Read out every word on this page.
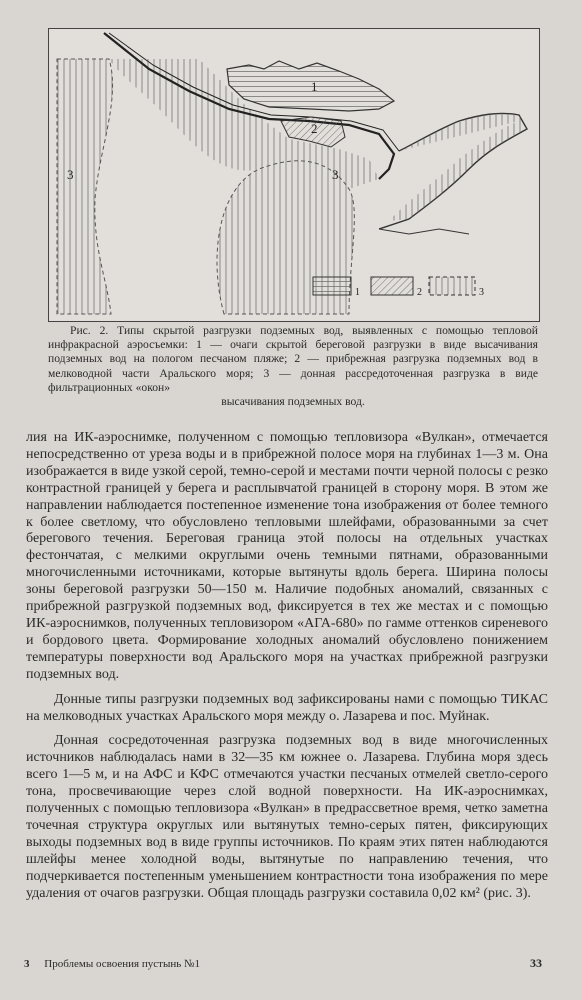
1
2
3	3
1	2	3

Рис. 2. Типы скрытой разгрузки подземных вод, выявленных с помощью тепловой инфракрасной аэросъемки: 1 — очаги скрытой береговой разгрузки в виде высачивания подземных вод на пологом песчаном пляже; 2 — прибрежная разгрузка подземных вод в мелководной части Аральского моря; 3 — донная рассредоточенная разгрузка в виде фильтрационных «окон»
высачивания подземных вод.

лия на ИК-аэроснимке, полученном с помощью тепловизора «Вулкан», отмечается непосредственно от уреза воды и в прибрежной полосе моря на глубинах 1—3 м. Она изображается в виде узкой серой, темно-серой и местами почти черной полосы с резко контрастной границей у берега и расплывчатой границей в сторону моря. В этом же направлении наблюдается постепенное изменение тона изображения от более темного к более светлому, что обусловлено тепловыми шлейфами, образованными за счет берегового течения. Береговая граница этой полосы на отдельных участках фестончатая, с мелкими округлыми очень темными пятнами, образованными многочисленными источниками, которые вытянуты вдоль берега. Ширина полосы зоны береговой разгрузки 50—150 м. Наличие подобных аномалий, связанных с прибрежной разгрузкой подземных вод, фиксируется в тех же местах и с помощью ИК-аэроснимков, полученных тепловизором «АГА-680» по гамме оттенков сиреневого и бордового цвета. Формирование холодных аномалий обусловлено понижением температуры поверхности вод Аральского моря на участках прибрежной разгрузки подземных вод.

Донные типы разгрузки подземных вод зафиксированы нами с помощью ТИКАС на мелководных участках Аральского моря между о. Лазарева и пос. Муйнак.

Донная сосредоточенная разгрузка подземных вод в виде многочисленных источников наблюдалась нами в 32—35 км южнее о. Лазарева. Глубина моря здесь всего 1—5 м, и на АФС и КФС отмечаются участки песчаных отмелей светло-серого тона, просвечивающие через слой водной поверхности. На ИК-аэроснимках, полученных с помощью тепловизора «Вулкан» в предрассветное время, четко заметна точечная структура округлых или вытянутых темно-серых пятен, фиксирующих выходы подземных вод в виде группы источников. По краям этих пятен наблюдаются шлейфы менее холодной воды, вытянутые по направлению течения, что подчеркивается постепенным уменьшением контрастности тона изображения по мере удаления от очагов разгрузки. Общая площадь разгрузки составила 0,02 км² (рис. 3).

3 Проблемы освоения пустынь №1	33
